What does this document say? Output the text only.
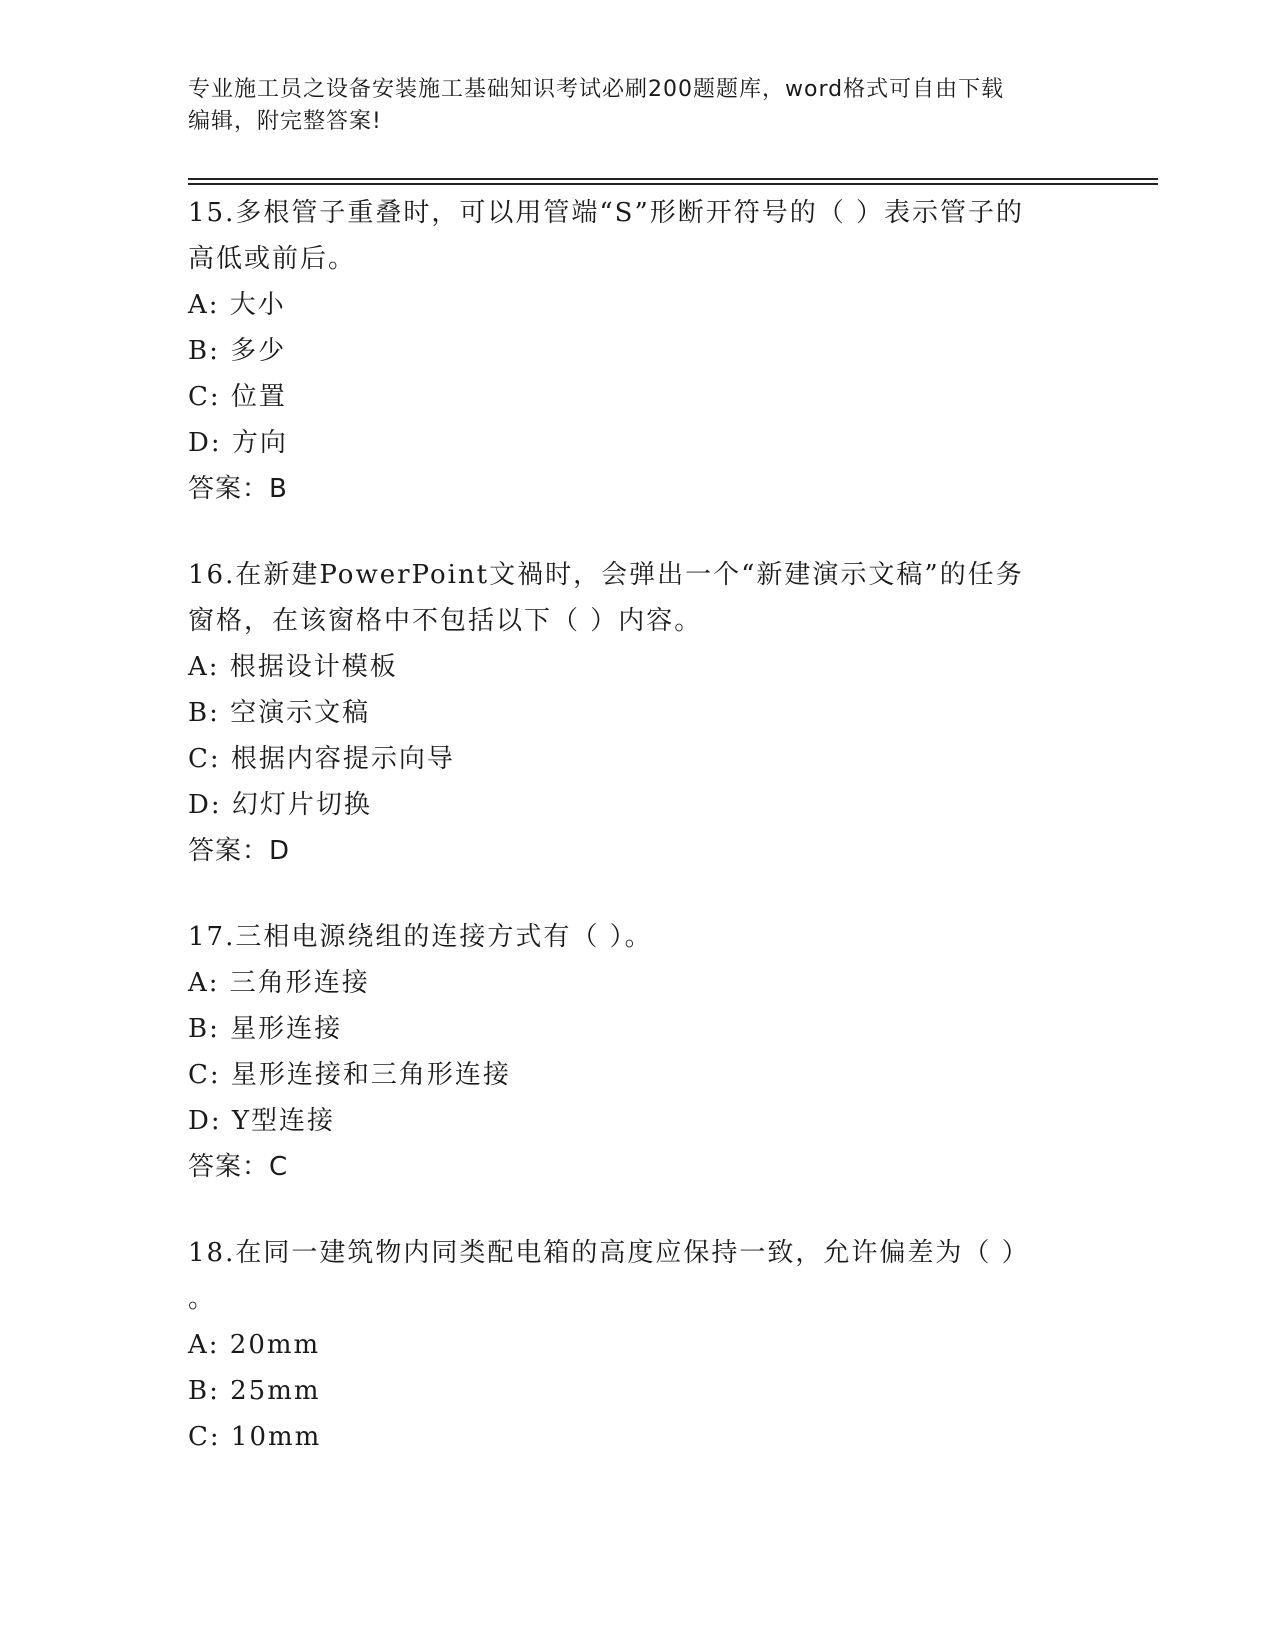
专业施工员之设备安装施工基础知识考试必刷200题题库，word格式可自由下载
编辑，附完整答案!

15.多根管子重叠时，可以用管端“S”形断开符号的（ ）表示管子的

高低或前后。

A: 大小

B: 多少

C: 位置

D: 方向

答案：B

16.在新建PowerPoint文禍时，会弹出一个“新建演示文稿”的任务

窗格，在该窗格中不包括以下（ ）内容。

A: 根据设计模板

B: 空演示文稿

C: 根据内容提示向导

D: 幻灯片切换

答案：D

17.三相电源绕组的连接方式有（ ）。

A: 三角形连接

B: 星形连接

C: 星形连接和三角形连接

D: Y型连接

答案：C

18.在同一建筑物内同类配电箱的高度应保持一致，允许偏差为（ ）

。

A: 20mm

B: 25mm

C: 10mm
